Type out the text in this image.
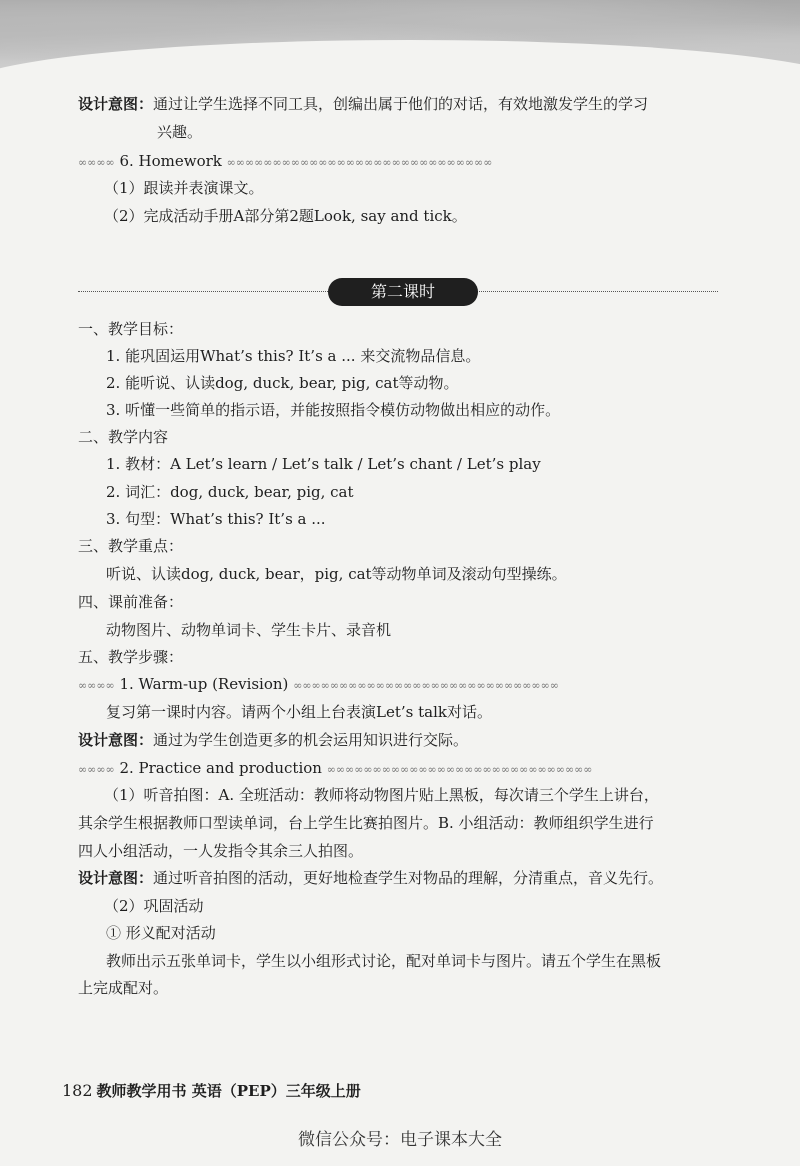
设计意图：通过让学生选择不同工具，创编出属于他们的对话，有效地激发学生的学习
兴趣。
∞∞∞∞ 6. Homework ∞∞∞∞∞∞∞∞∞∞∞∞∞∞∞∞∞∞∞∞∞∞∞∞∞∞∞∞∞
（1）跟读并表演课文。
（2）完成活动手册A部分第2题Look, say and tick。
第二课时
一、教学目标：
1. 能巩固运用What’s this? It’s a ... 来交流物品信息。
2. 能听说、认读dog, duck, bear, pig, cat等动物。
3. 听懂一些简单的指示语，并能按照指令模仿动物做出相应的动作。
二、教学内容
1. 教材：A Let’s learn / Let’s talk / Let’s chant / Let’s play
2. 词汇：dog, duck, bear, pig, cat
3. 句型：What’s this? It’s a ...
三、教学重点：
听说、认读dog, duck, bear，pig, cat等动物单词及滚动句型操练。
四、课前准备：
动物图片、动物单词卡、学生卡片、录音机
五、教学步骤：
∞∞∞∞ 1. Warm-up (Revision) ∞∞∞∞∞∞∞∞∞∞∞∞∞∞∞∞∞∞∞∞∞∞∞∞∞∞∞∞∞
复习第一课时内容。请两个小组上台表演Let’s talk对话。
设计意图：通过为学生创造更多的机会运用知识进行交际。
∞∞∞∞ 2. Practice and production ∞∞∞∞∞∞∞∞∞∞∞∞∞∞∞∞∞∞∞∞∞∞∞∞∞∞∞∞∞
（1）听音拍图：A. 全班活动：教师将动物图片贴上黑板，每次请三个学生上讲台，
其余学生根据教师口型读单词，台上学生比赛拍图片。B. 小组活动：教师组织学生进行
四人小组活动，一人发指令其余三人拍图。
设计意图：通过听音拍图的活动，更好地检查学生对物品的理解，分清重点，音义先行。
（2）巩固活动
① 形义配对活动
教师出示五张单词卡，学生以小组形式讨论，配对单词卡与图片。请五个学生在黑板
上完成配对。
182 教师教学用书 英语（PEP）三年级上册
微信公众号：电子课本大全
